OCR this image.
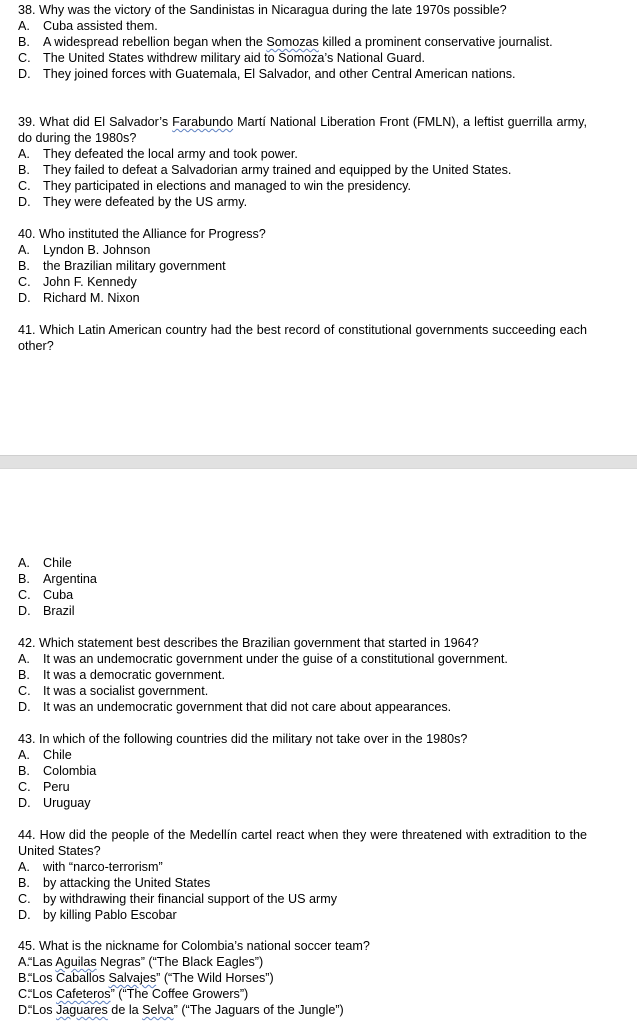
38. Why was the victory of the Sandinistas in Nicaragua during the late 1970s possible?
A.	Cuba assisted them.
B.	A widespread rebellion began when the Somozas killed a prominent conservative journalist.
C. The United States withdrew military aid to Somoza’s National Guard.
D. They joined forces with Guatemala, El Salvador, and other Central American nations.
39. What did El Salvador’s Farabundo Martí National Liberation Front (FMLN), a leftist guerrilla army, do during the 1980s?
A.	They defeated the local army and took power.
B.	They failed to defeat a Salvadorian army trained and equipped by the United States.
C. They participated in elections and managed to win the presidency.
D. They were defeated by the US army.
40. Who instituted the Alliance for Progress?
A.	Lyndon B. Johnson
B.	the Brazilian military government
C. John F. Kennedy
D. Richard M. Nixon
41. Which Latin American country had the best record of constitutional governments succeeding each other?
A.	Chile
B.	Argentina
C. Cuba
D. Brazil
42. Which statement best describes the Brazilian government that started in 1964?
A.	It was an undemocratic government under the guise of a constitutional government.
B.	It was a democratic government.
C. It was a socialist government.
D. It was an undemocratic government that did not care about appearances.
43. In which of the following countries did the military not take over in the 1980s?
A.	Chile
B.	Colombia
C. Peru
D. Uruguay
44. How did the people of the Medellín cartel react when they were threatened with extradition to the United States?
A.	with “narco-terrorism”
B.	by attacking the United States
C. by withdrawing their financial support of the US army
D. by killing Pablo Escobar
45. What is the nickname for Colombia’s national soccer team?
A.
“Las Aguilas Negras” (“The Black Eagles”)
B.
“Los Caballos Salvajes” (“The Wild Horses”)
C.
“Los Cafeteros” (“The Coffee Growers”)
D.
“Los Jaguares de la Selva” (“The Jaguars of the Jungle”)
